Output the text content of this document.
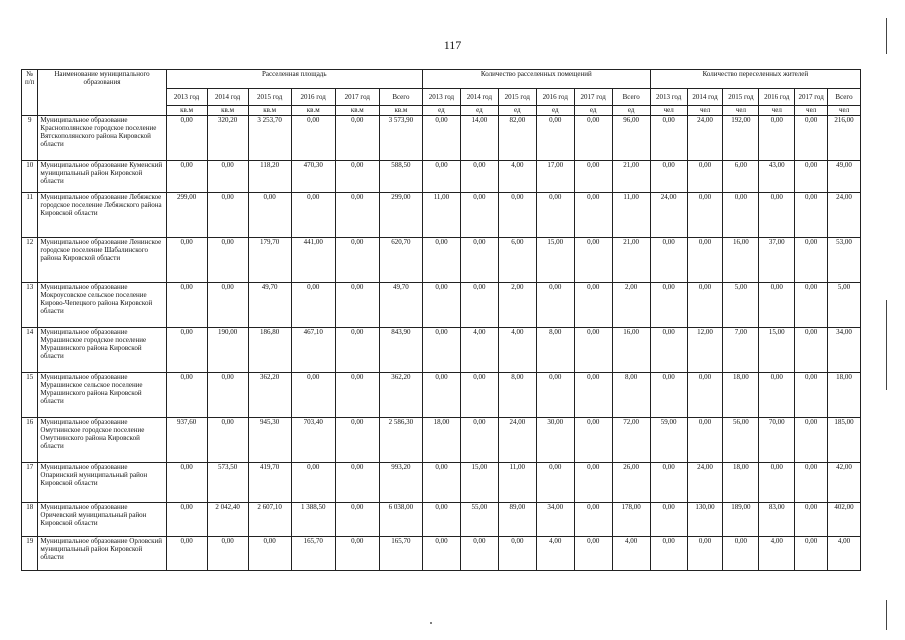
117
№ п/п	Наименование муниципального образования	Расселенная площадь						Количество расселенных помещений						Количество переселенных жителей					
		2013 год	2014 год	2015 год	2016 год	2017 год	Всего	2013 год	2014 год	2015 год	2016 год	2017 год	Всего	2013 год	2014 год	2015 год	2016 год	2017 год	Всего
		кв.м	кв.м	кв.м	кв.м	кв.м	кв.м	ед	ед	ед	ед	ед	ед	чел	чел	чел	чел	чел	чел
9	Муниципальное образование Краснополянское городское поселение Вятскополянского района Кировской области	0,00	320,20	3 253,70	0,00	0,00	3 573,90	0,00	14,00	82,00	0,00	0,00	96,00	0,00	24,00	192,00	0,00	0,00	216,00
10	Муниципальное образование Куменский муниципальный район Кировской области	0,00	0,00	118,20	470,30	0,00	588,50	0,00	0,00	4,00	17,00	0,00	21,00	0,00	0,00	6,00	43,00	0,00	49,00
11	Муниципальное образование Лебяжское городское поселение Лебяжского района Кировской области	299,00	0,00	0,00	0,00	0,00	299,00	11,00	0,00	0,00	0,00	0,00	11,00	24,00	0,00	0,00	0,00	0,00	24,00
12	Муниципальное образование Ленинское городское поселение Шабалинского района Кировской области	0,00	0,00	179,70	441,00	0,00	620,70	0,00	0,00	6,00	15,00	0,00	21,00	0,00	0,00	16,00	37,00	0,00	53,00
13	Муниципальное образование Мокроусовское сельское поселение Кирово-Чепецкого района Кировской области	0,00	0,00	49,70	0,00	0,00	49,70	0,00	0,00	2,00	0,00	0,00	2,00	0,00	0,00	5,00	0,00	0,00	5,00
14	Муниципальное образование Мурашинское городское поселение Мурашинского района Кировской области	0,00	190,00	186,80	467,10	0,00	843,90	0,00	4,00	4,00	8,00	0,00	16,00	0,00	12,00	7,00	15,00	0,00	34,00
15	Муниципальное образование Мурашинское сельское поселение Мурашинского района Кировской области	0,00	0,00	362,20	0,00	0,00	362,20	0,00	0,00	8,00	0,00	0,00	8,00	0,00	0,00	18,00	0,00	0,00	18,00
16	Муниципальное образование Омутнинское городское поселение Омутнинского района Кировской области	937,60	0,00	945,30	703,40	0,00	2 586,30	18,00	0,00	24,00	30,00	0,00	72,00	59,00	0,00	56,00	70,00	0,00	185,00
17	Муниципальное образование Опаринский муниципальный район Кировской области	0,00	573,50	419,70	0,00	0,00	993,20	0,00	15,00	11,00	0,00	0,00	26,00	0,00	24,00	18,00	0,00	0,00	42,00
18	Муниципальное образование Оричевский муниципальный район Кировской области	0,00	2 042,40	2 607,10	1 388,50	0,00	6 038,00	0,00	55,00	89,00	34,00	0,00	178,00	0,00	130,00	189,00	83,00	0,00	402,00
19	Муниципальное образование Орловский муниципальный район Кировской области	0,00	0,00	0,00	165,70	0,00	165,70	0,00	0,00	0,00	4,00	0,00	4,00	0,00	0,00	0,00	4,00	0,00	4,00
